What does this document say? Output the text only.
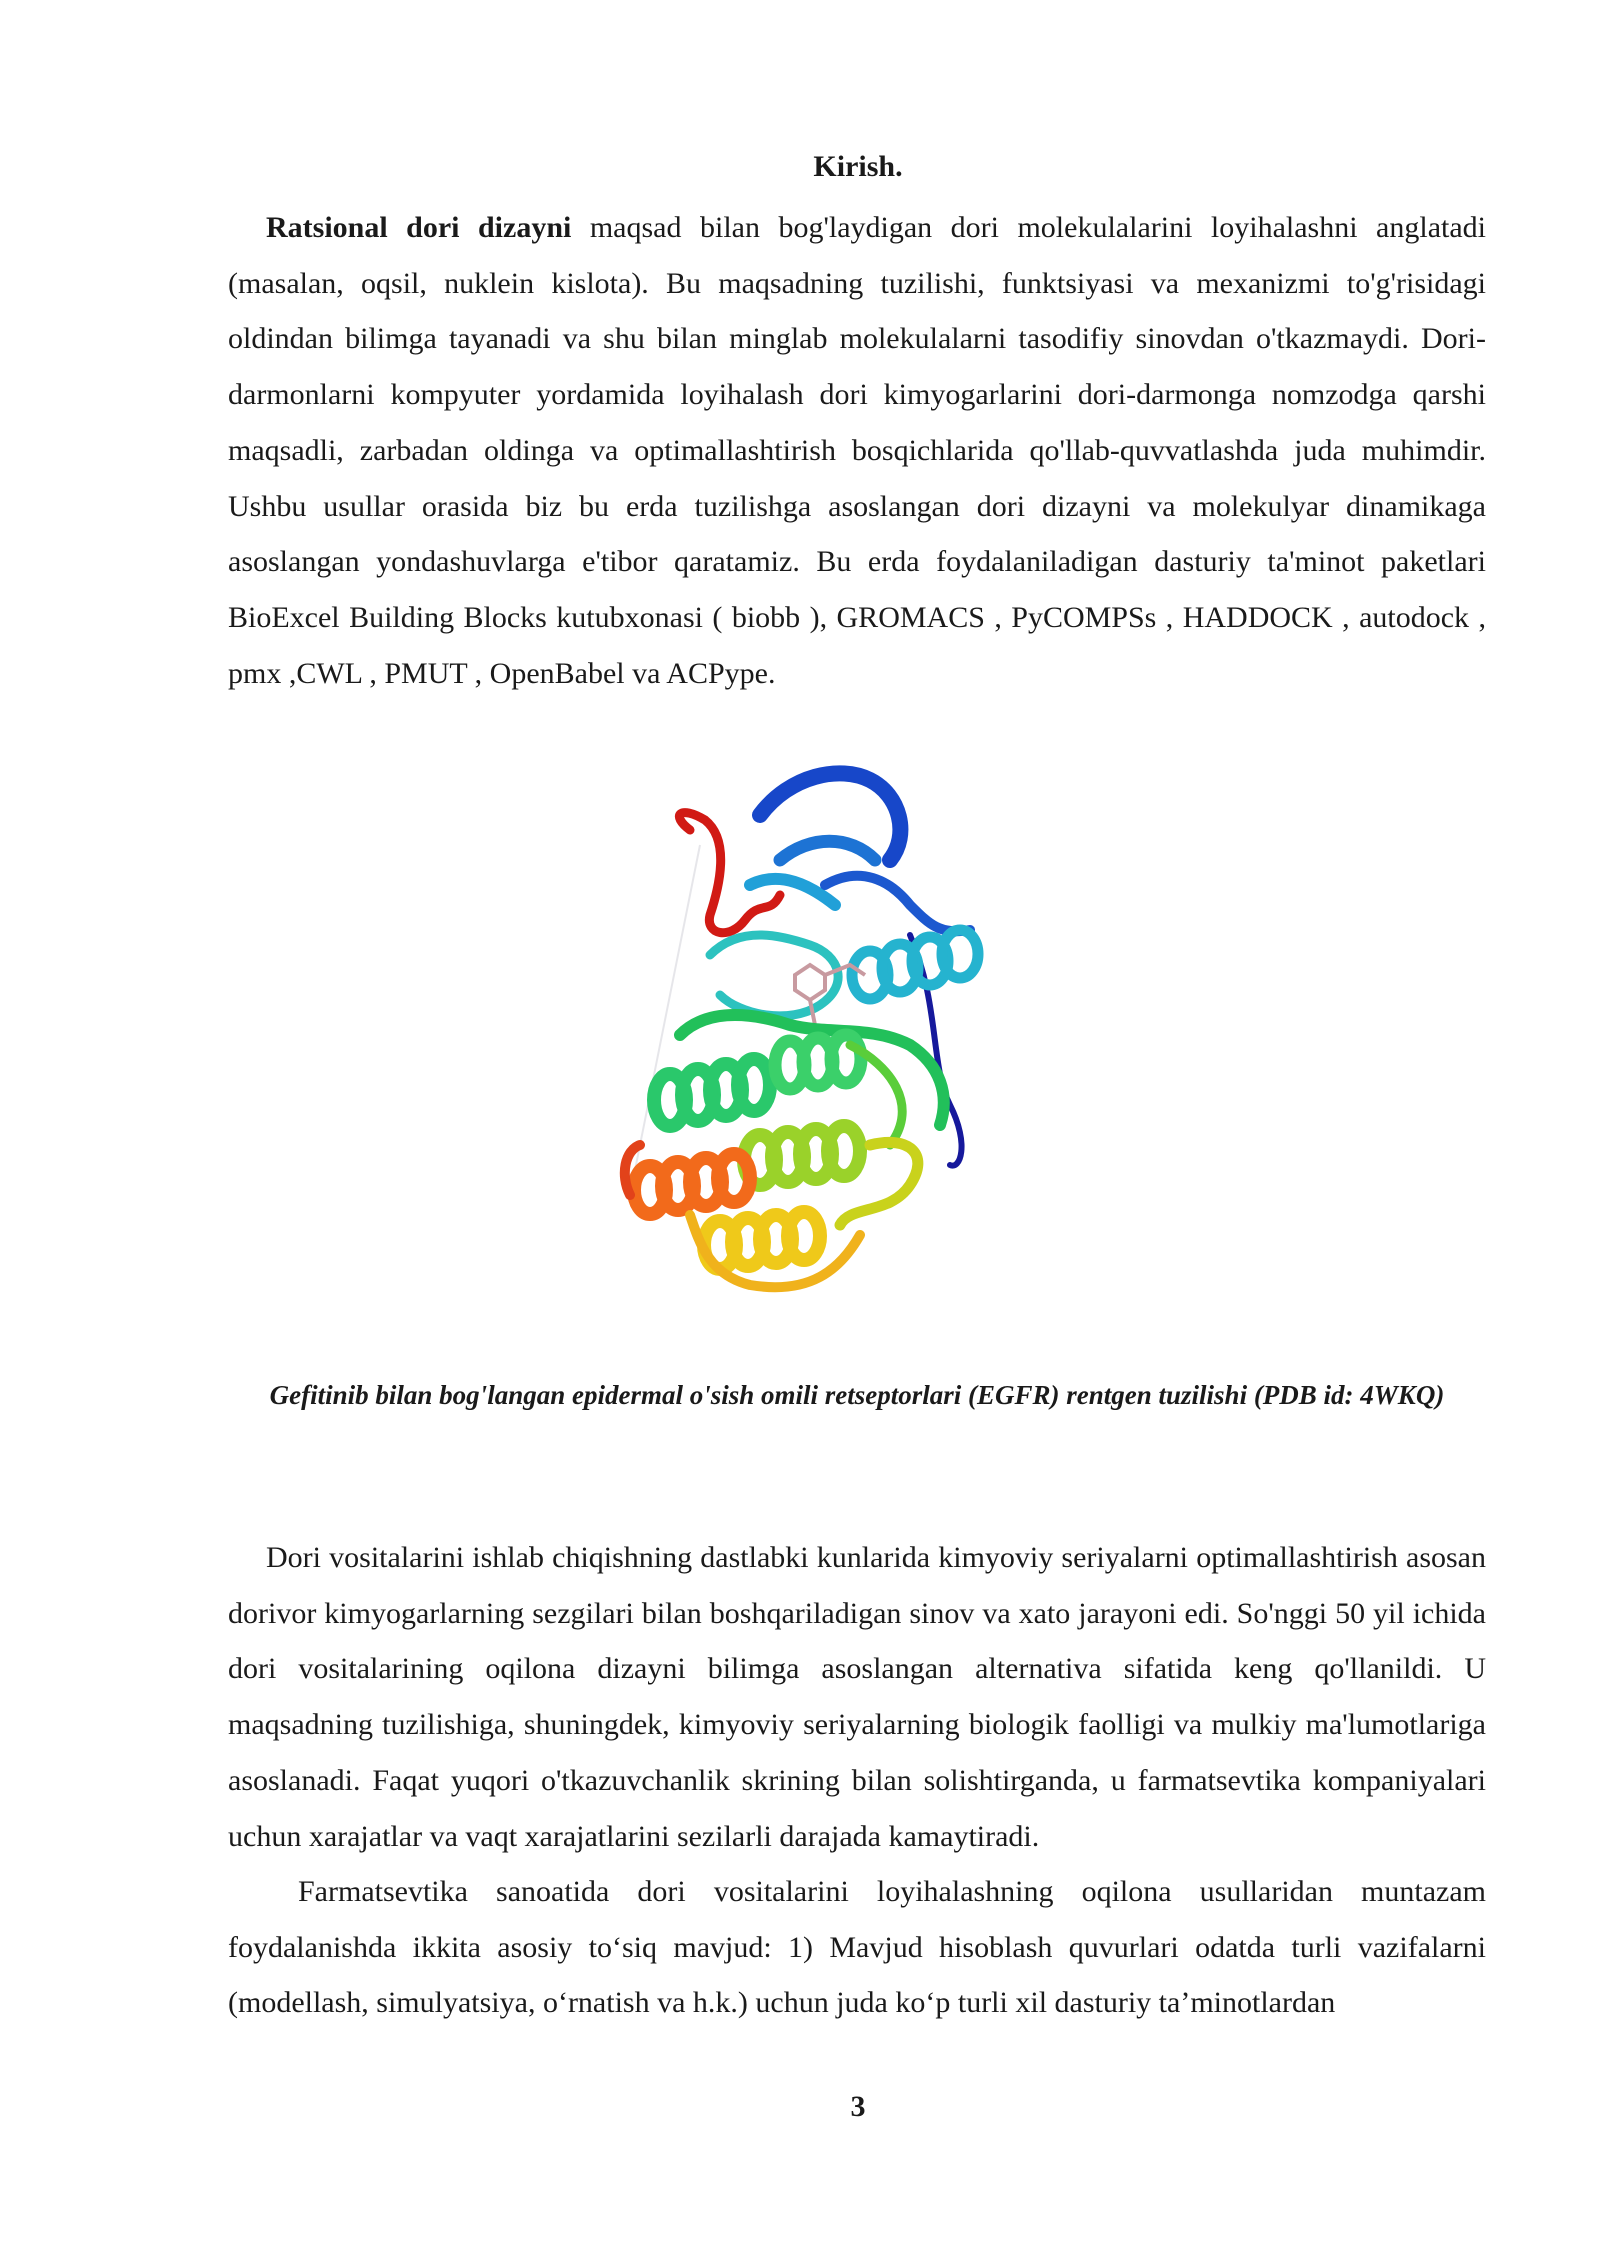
Kirish.

Ratsional dori dizayni maqsad bilan bog'laydigan dori molekulalarini loyihalashni anglatadi (masalan, oqsil, nuklein kislota). Bu maqsadning tuzilishi, funktsiyasi va mexanizmi to'g'risidagi oldindan bilimga tayanadi va shu bilan minglab molekulalarni tasodifiy sinovdan o'tkazmaydi. Dori-darmonlarni kompyuter yordamida loyihalash dori kimyogarlarini dori-darmonga nomzodga qarshi maqsadli, zarbadan oldinga va optimallashtirish bosqichlarida qo'llab-quvvatlashda juda muhimdir. Ushbu usullar orasida biz bu erda tuzilishga asoslangan dori dizayni va molekulyar dinamikaga asoslangan yondashuvlarga e'tibor qaratamiz. Bu erda foydalaniladigan dasturiy ta'minot paketlari BioExcel Building Blocks kutubxonasi ( biobb ), GROMACS , PyCOMPSs , HADDOCK , autodock , pmx ,CWL , PMUT , OpenBabel va ACPype.

Gefitinib bilan bog'langan epidermal o'sish omili retseptorlari (EGFR) rentgen tuzilishi (PDB id: 4WKQ)

Dori vositalarini ishlab chiqishning dastlabki kunlarida kimyoviy seriyalarni optimallashtirish asosan dorivor kimyogarlarning sezgilari bilan boshqariladigan sinov va xato jarayoni edi. So'nggi 50 yil ichida dori vositalarining oqilona dizayni bilimga asoslangan alternativa sifatida keng qo'llanildi. U maqsadning tuzilishiga, shuningdek, kimyoviy seriyalarning biologik faolligi va mulkiy ma'lumotlariga asoslanadi. Faqat yuqori o'tkazuvchanlik skrining bilan solishtirganda, u farmatsevtika kompaniyalari uchun xarajatlar va vaqt xarajatlarini sezilarli darajada kamaytiradi.

Farmatsevtika sanoatida dori vositalarini loyihalashning oqilona usullaridan muntazam foydalanishda ikkita asosiy to‘siq mavjud: 1) Mavjud hisoblash quvurlari odatda turli vazifalarni (modellash, simulyatsiya, o‘rnatish va h.k.) uchun juda ko‘p turli xil dasturiy ta’minotlardan

3
